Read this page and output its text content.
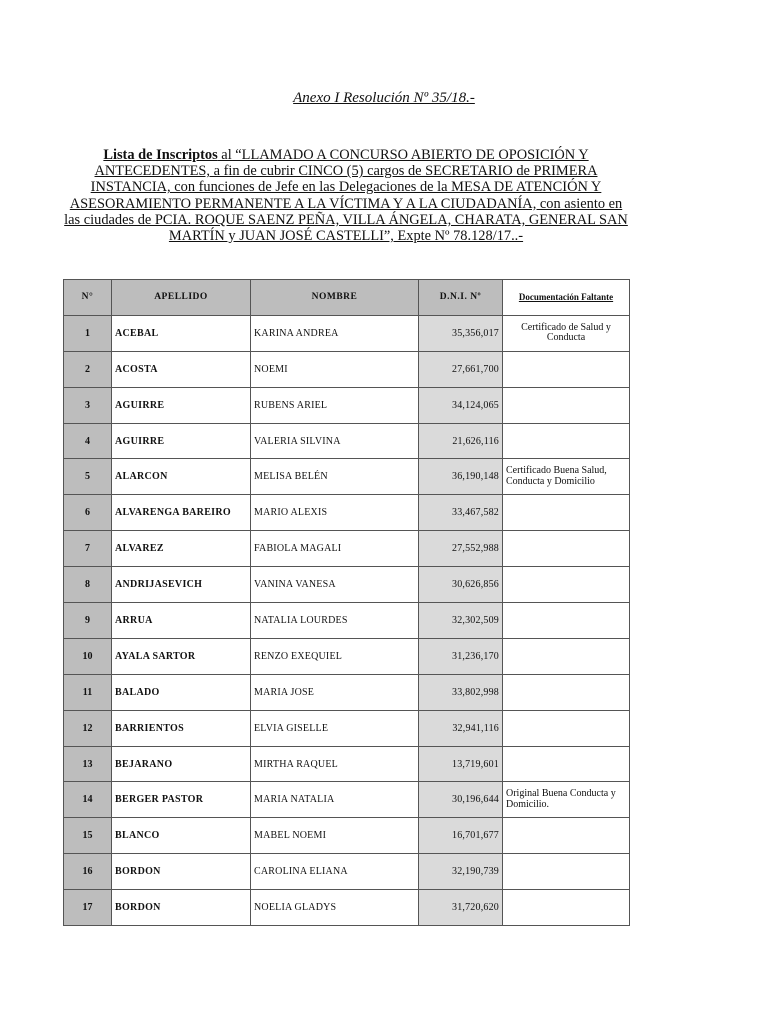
Anexo I Resolución Nº 35/18.-
Lista de Inscriptos al “LLAMADO A CONCURSO ABIERTO DE OPOSICIÓN Y ANTECEDENTES, a fin de cubrir CINCO (5) cargos de SECRETARIO de PRIMERA INSTANCIA, con funciones de Jefe en las Delegaciones de la MESA DE ATENCIÓN Y ASESORAMIENTO PERMANENTE A LA VÍCTIMA Y A LA CIUDADANÍA, con asiento en las ciudades de PCIA. ROQUE SAENZ PEÑA, VILLA ÁNGELA, CHARATA, GENERAL SAN MARTÍN y JUAN JOSÉ CASTELLI”, Expte Nº 78.128/17..-
N°	APELLIDO	NOMBRE	D.N.I. Nº	Documentación Faltante
1	ACEBAL	KARINA ANDREA	35,356,017	Certificado de Salud y Conducta
2	ACOSTA	NOEMI	27,661,700	
3	AGUIRRE	RUBENS ARIEL	34,124,065	
4	AGUIRRE	VALERIA SILVINA	21,626,116	
5	ALARCON	MELISA BELÉN	36,190,148	Certificado Buena Salud, Conducta y Domicilio
6	ALVARENGA BAREIRO	MARIO ALEXIS	33,467,582	
7	ALVAREZ	FABIOLA MAGALI	27,552,988	
8	ANDRIJASEVICH	VANINA VANESA	30,626,856	
9	ARRUA	NATALIA LOURDES	32,302,509	
10	AYALA SARTOR	RENZO EXEQUIEL	31,236,170	
11	BALADO	MARIA JOSE	33,802,998	
12	BARRIENTOS	ELVIA GISELLE	32,941,116	
13	BEJARANO	MIRTHA RAQUEL	13,719,601	
14	BERGER PASTOR	MARIA NATALIA	30,196,644	Original Buena Conducta y Domicilio.
15	BLANCO	MABEL NOEMI	16,701,677	
16	BORDON	CAROLINA ELIANA	32,190,739	
17	BORDON	NOELIA GLADYS	31,720,620	
